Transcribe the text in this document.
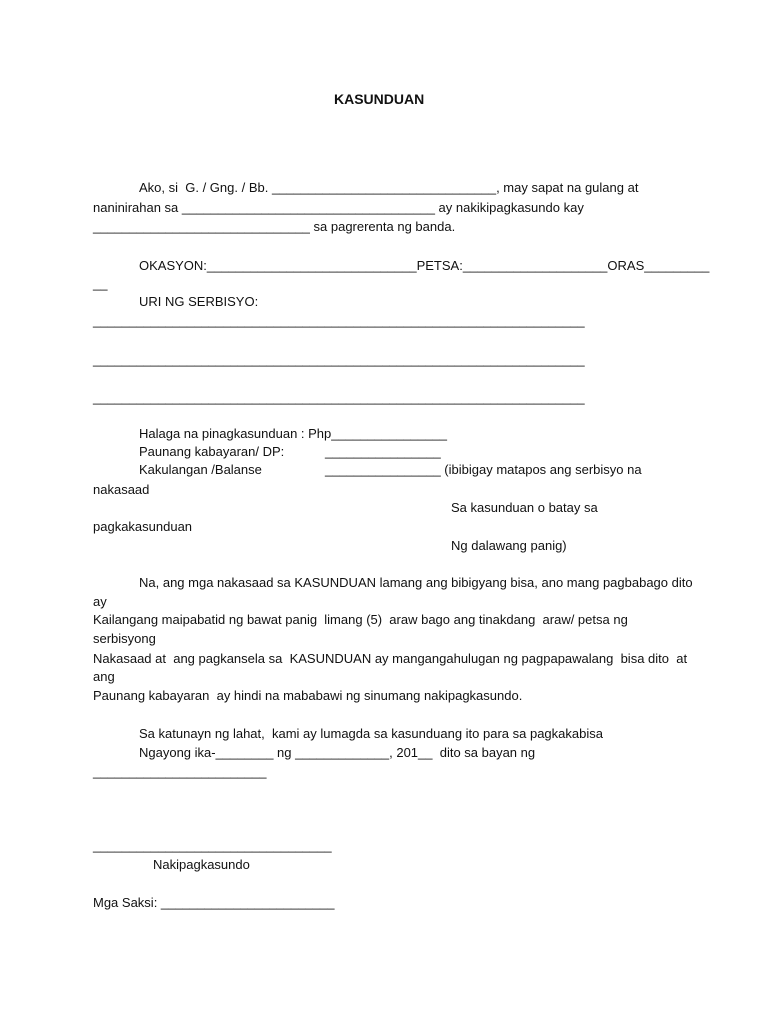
KASUNDUAN
Ako, si  G. / Gng. / Bb. _______________________________, may sapat na gulang at
naninirahan sa ___________________________________ ay nakikipagkasundo kay
______________________________ sa pagrerenta ng banda.
OKASYON:_____________________________PETSA:____________________ORAS_________
__
URI NG SERBISYO:
____________________________________________________________________
____________________________________________________________________
____________________________________________________________________
Halaga na pinagkasunduan : Php________________
Paunang kabayaran/ DP:	________________
Kakulangan /Balanse	________________ (ibibigay matapos ang serbisyo na
nakasaad
Sa kasunduan o batay sa
pagkakasunduan
Ng dalawang panig)
Na, ang mga nakasaad sa KASUNDUAN lamang ang bibigyang bisa, ano mang pagbabago dito
ay
Kailangang maipabatid ng bawat panig  limang (5)  araw bago ang tinakdang  araw/ petsa ng
serbisyong
Nakasaad at  ang pagkansela sa  KASUNDUAN ay mangangahulugan ng pagpapawalang  bisa dito  at
ang
Paunang kabayaran  ay hindi na mababawi ng sinumang nakipagkasundo.
Sa katunayn ng lahat,  kami ay lumagda sa kasunduang ito para sa pagkakabisa
Ngayong ika-________ ng _____________, 201__  dito sa bayan ng
________________________
_________________________________
Nakipagkasundo
Mga Saksi: ________________________
